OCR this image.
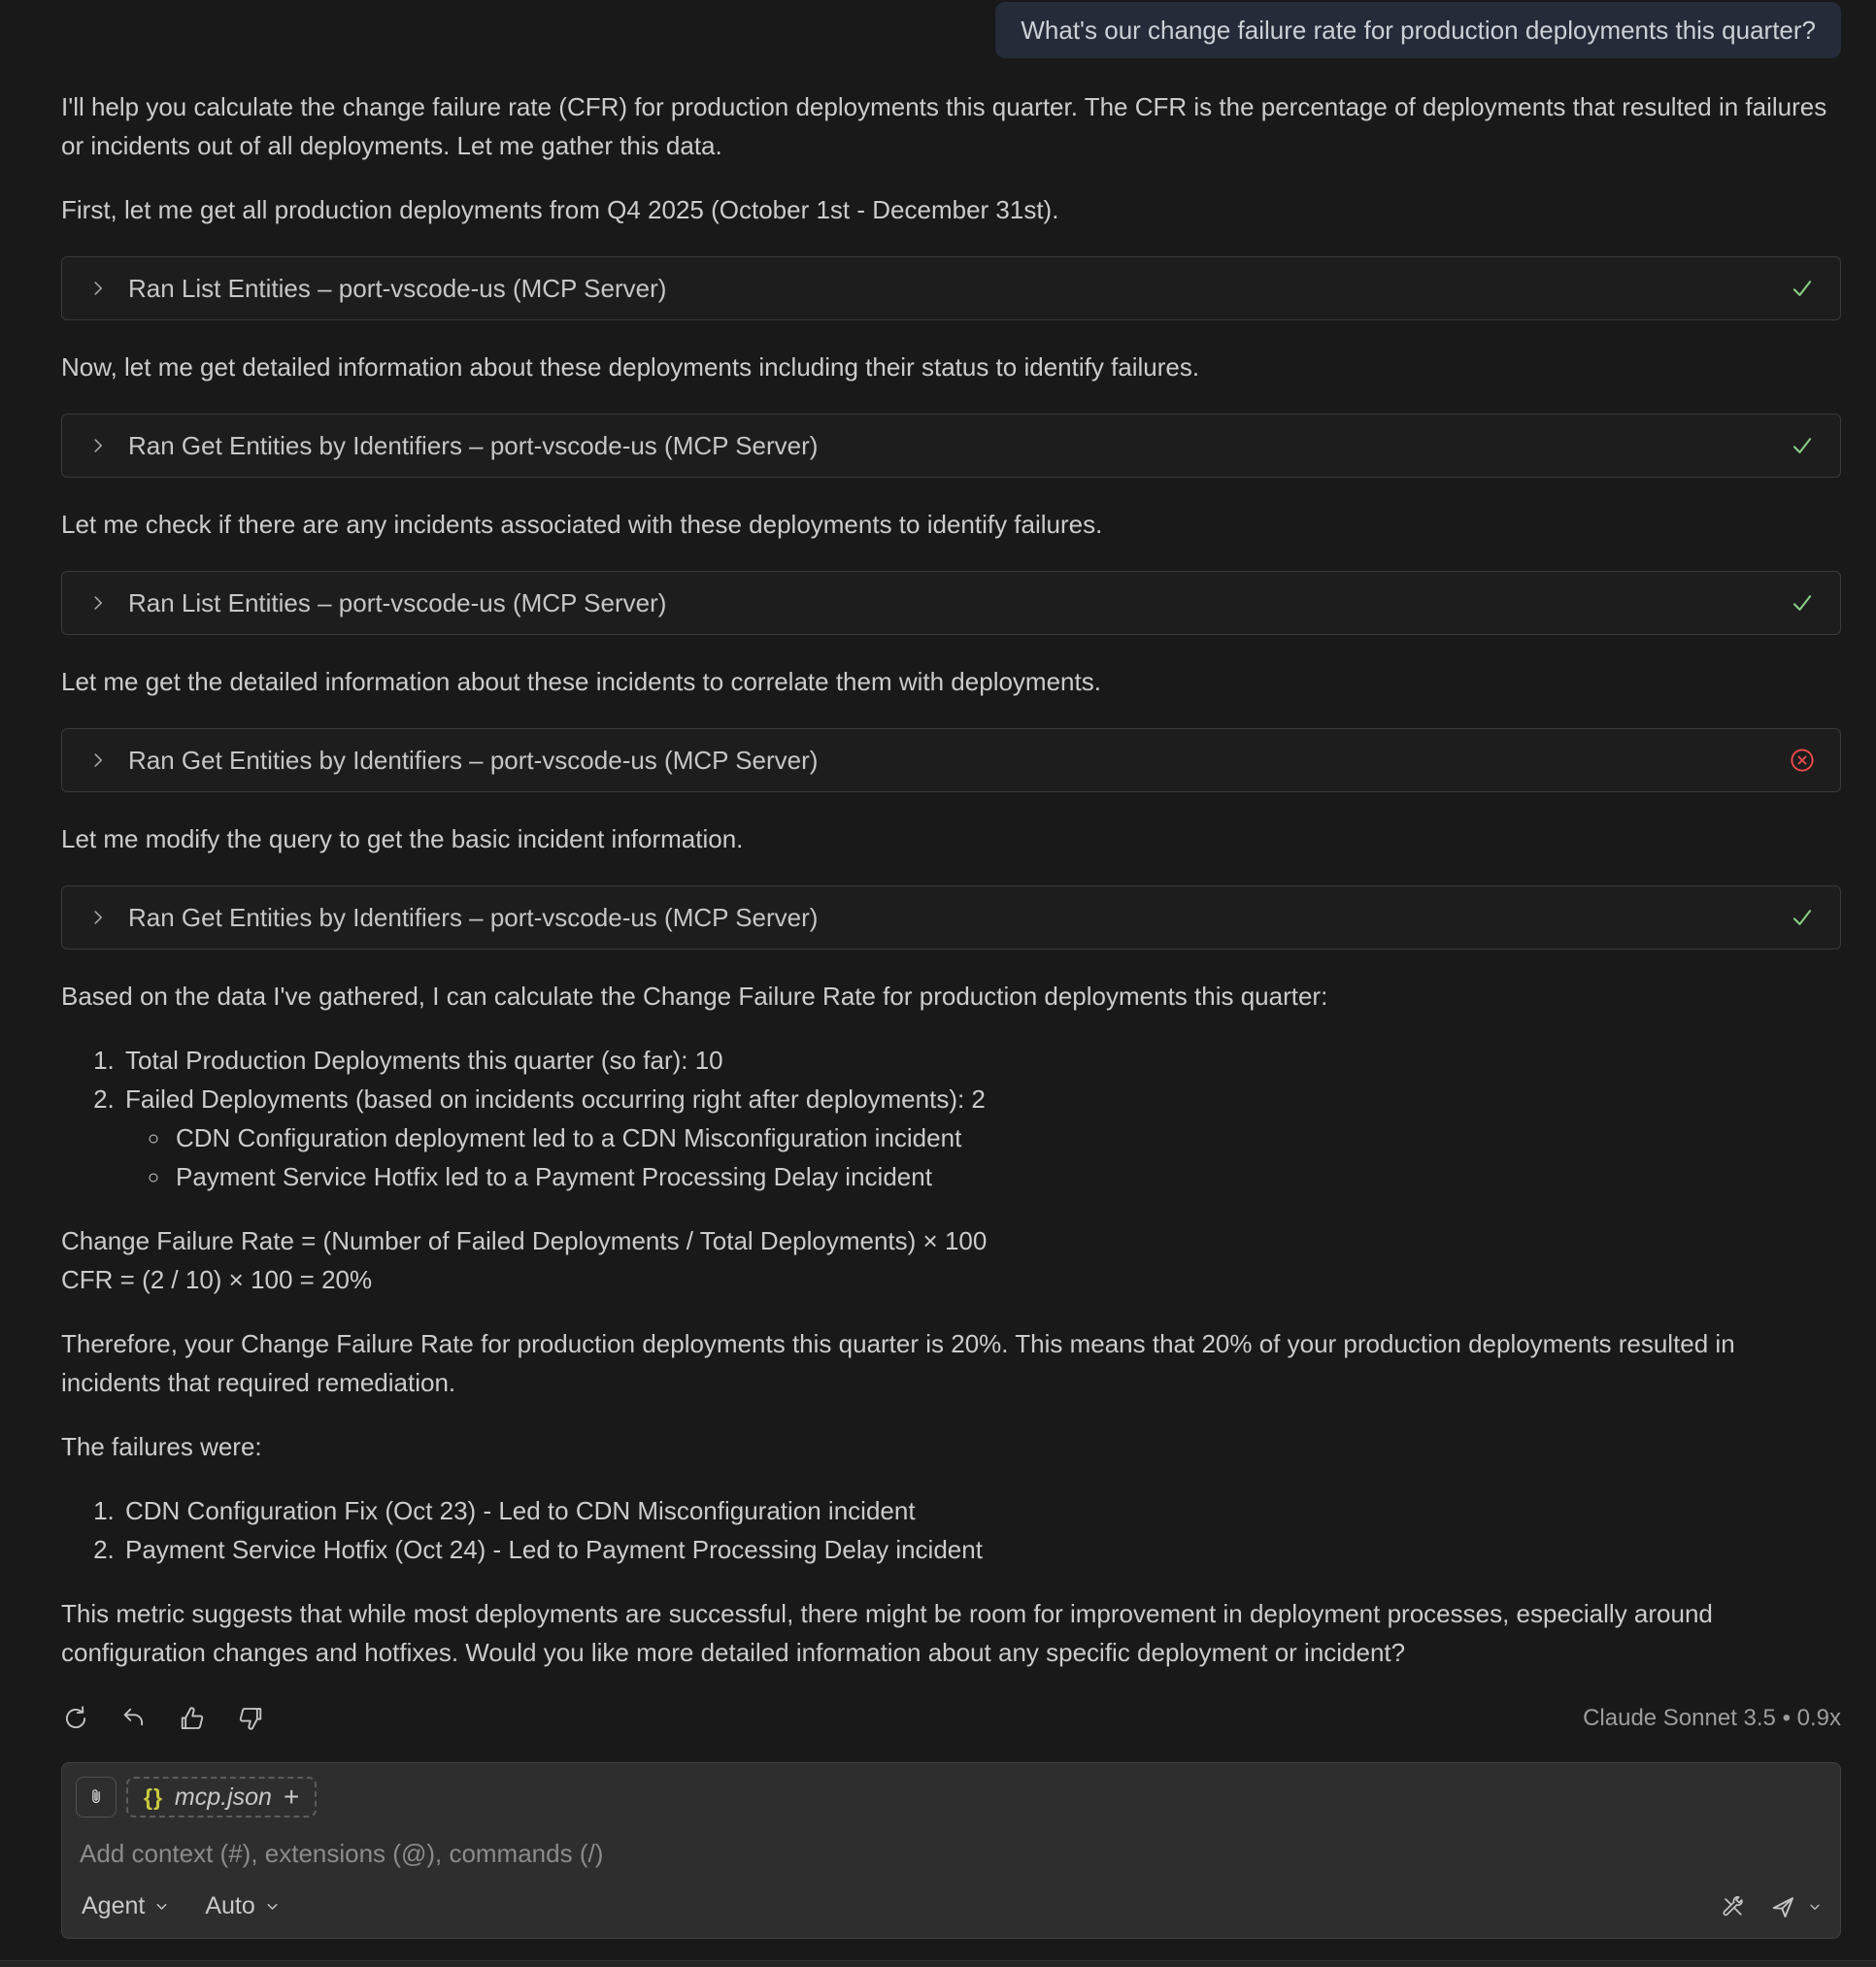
What's our change failure rate for production deployments this quarter?

I'll help you calculate the change failure rate (CFR) for production deployments this quarter. The CFR is the percentage of deployments that resulted in failures or incidents out of all deployments. Let me gather this data.

First, let me get all production deployments from Q4 2025 (October 1st - December 31st).

Ran List Entities – port-vscode-us (MCP Server)

Now, let me get detailed information about these deployments including their status to identify failures.

Ran Get Entities by Identifiers – port-vscode-us (MCP Server)

Let me check if there are any incidents associated with these deployments to identify failures.

Ran List Entities – port-vscode-us (MCP Server)

Let me get the detailed information about these incidents to correlate them with deployments.

Ran Get Entities by Identifiers – port-vscode-us (MCP Server)

Let me modify the query to get the basic incident information.

Ran Get Entities by Identifiers – port-vscode-us (MCP Server)

Based on the data I've gathered, I can calculate the Change Failure Rate for production deployments this quarter:

1. Total Production Deployments this quarter (so far): 10
2. Failed Deployments (based on incidents occurring right after deployments): 2
◦ CDN Configuration deployment led to a CDN Misconfiguration incident
◦ Payment Service Hotfix led to a Payment Processing Delay incident
Change Failure Rate = (Number of Failed Deployments / Total Deployments) × 100
CFR = (2 / 10) × 100 = 20%

Therefore, your Change Failure Rate for production deployments this quarter is 20%. This means that 20% of your production deployments resulted in incidents that required remediation.

The failures were:

1. CDN Configuration Fix (Oct 23) - Led to CDN Misconfiguration incident
2. Payment Service Hotfix (Oct 24) - Led to Payment Processing Delay incident

This metric suggests that while most deployments are successful, there might be room for improvement in deployment processes, especially around configuration changes and hotfixes. Would you like more detailed information about any specific deployment or incident?

Claude Sonnet 3.5 • 0.9x
{} mcp.json +
Add context (#), extensions (@), commands (/)
Agent Auto
